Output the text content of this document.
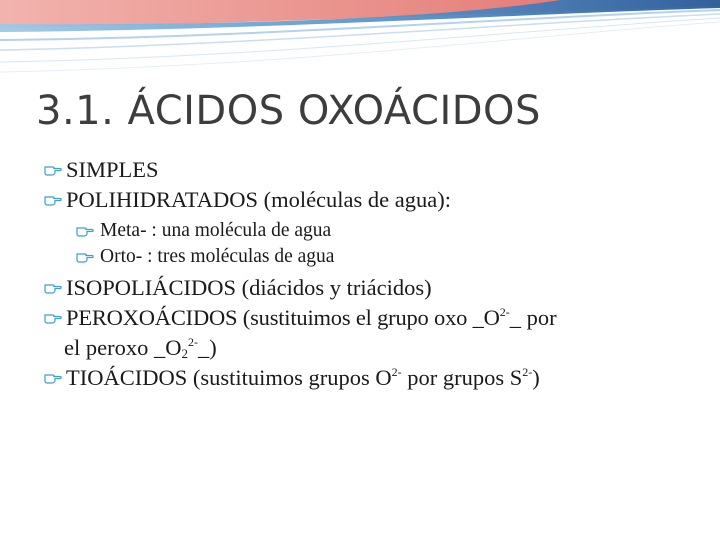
3.1. ÁCIDOS OXOÁCIDOS
SIMPLES
POLIHIDRATADOS (moléculas de agua):
Meta- : una molécula de agua
Orto- : tres moléculas de agua
ISOPOLIÁCIDOS (diácidos y triácidos)
PEROXOÁCIDOS (sustituimos el grupo oxo $\_O^{2-}\_$ por
el peroxo $\_O_2^{2-}\_$)
TIOÁCIDOS (sustituimos grupos $O^{2-}$ por grupos $S^{2-}$)
